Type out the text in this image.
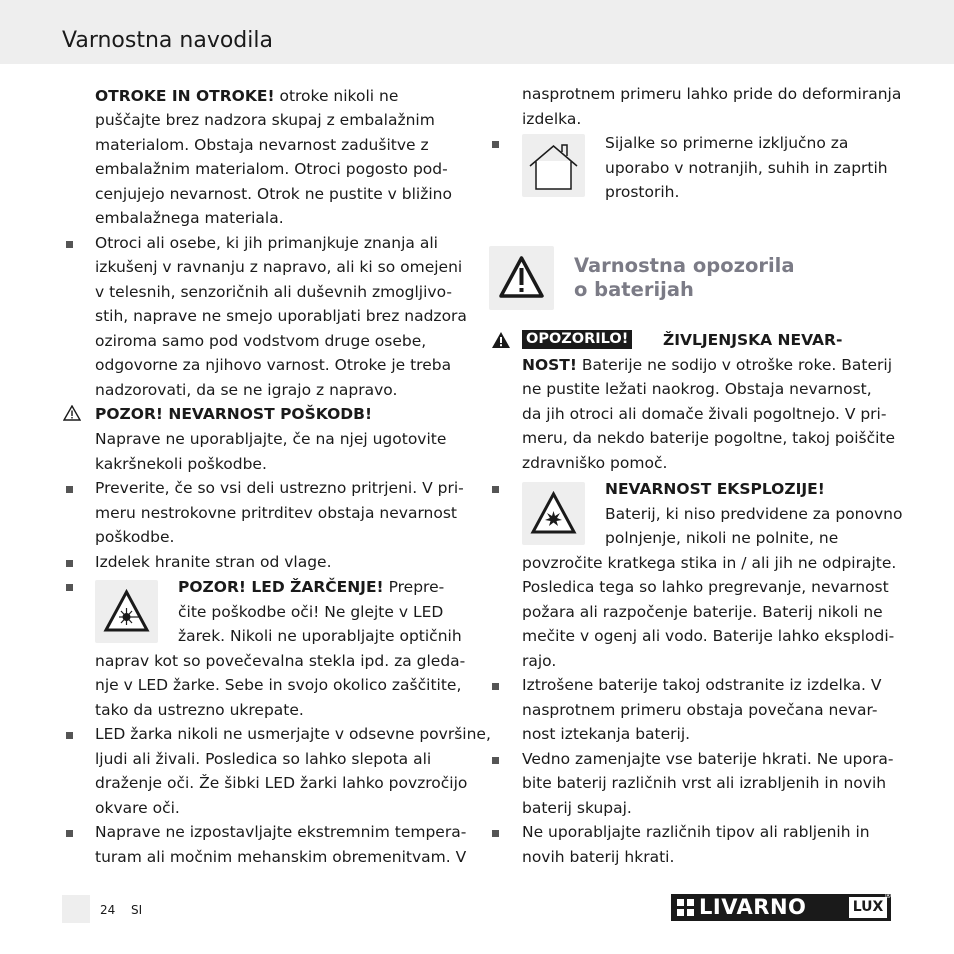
Varnostna navodila
OTROKE IN OTROKE! otroke nikoli ne
puščajte brez nadzora skupaj z embalažnim
materialom. Obstaja nevarnost zadušitve z
embalažnim materialom. Otroci pogosto pod-
cenjujejo nevarnost. Otrok ne pustite v bližino
embalažnega materiala.
Otroci ali osebe, ki jih primanjkuje znanja ali
izkušenj v ravnanju z napravo, ali ki so omejeni
v telesnih, senzoričnih ali duševnih zmogljivo-
stih, naprave ne smejo uporabljati brez nadzora
oziroma samo pod vodstvom druge osebe,
odgovorne za njihovo varnost. Otroke je treba
nadzorovati, da se ne igrajo z napravo.
POZOR! NEVARNOST POŠKODB!
Naprave ne uporabljajte, če na njej ugotovite
kakršnekoli poškodbe.
Preverite, če so vsi deli ustrezno pritrjeni. V pri-
meru nestrokovne pritrditev obstaja nevarnost
poškodbe.
Izdelek hranite stran od vlage.
POZOR! LED ŽARČENJE! Prepre-
čite poškodbe oči! Ne glejte v LED
žarek. Nikoli ne uporabljajte optičnih
naprav kot so povečevalna stekla ipd. za gleda-
nje v LED žarke. Sebe in svojo okolico zaščitite,
tako da ustrezno ukrepate.
LED žarka nikoli ne usmerjajte v odsevne površine,
ljudi ali živali. Posledica so lahko slepota ali
draženje oči. Že šibki LED žarki lahko povzročijo
okvare oči.
Naprave ne izpostavljajte ekstremnim tempera-
turam ali močnim mehanskim obremenitvam. V
nasprotnem primeru lahko pride do deformiranja
izdelka.
Sijalke so primerne izključno za
uporabo v notranjih, suhih in zaprtih
prostorih.
Varnostna opozorila
o baterijah
OPOZORILO! ŽIVLJENJSKA NEVAR-
NOST! Baterije ne sodijo v otroške roke. Baterij
ne pustite ležati naokrog. Obstaja nevarnost,
da jih otroci ali domače živali pogoltnejo. V pri-
meru, da nekdo baterije pogoltne, takoj poiščite
zdravniško pomoč.
NEVARNOST EKSPLOZIJE!
Baterij, ki niso predvidene za ponovno
polnjenje, nikoli ne polnite, ne
povzročite kratkega stika in / ali jih ne odpirajte.
Posledica tega so lahko pregrevanje, nevarnost
požara ali razpočenje baterije. Baterij nikoli ne
mečite v ogenj ali vodo. Baterije lahko eksplodi-
rajo.
Iztrošene baterije takoj odstranite iz izdelka. V
nasprotnem primeru obstaja povečana nevar-
nost iztekanja baterij.
Vedno zamenjajte vse baterije hkrati. Ne upora-
bite baterij različnih vrst ali izrabljenih in novih
baterij skupaj.
Ne uporabljajte različnih tipov ali rabljenih in
novih baterij hkrati.
24 SI	LIVARNO	LUX
®
